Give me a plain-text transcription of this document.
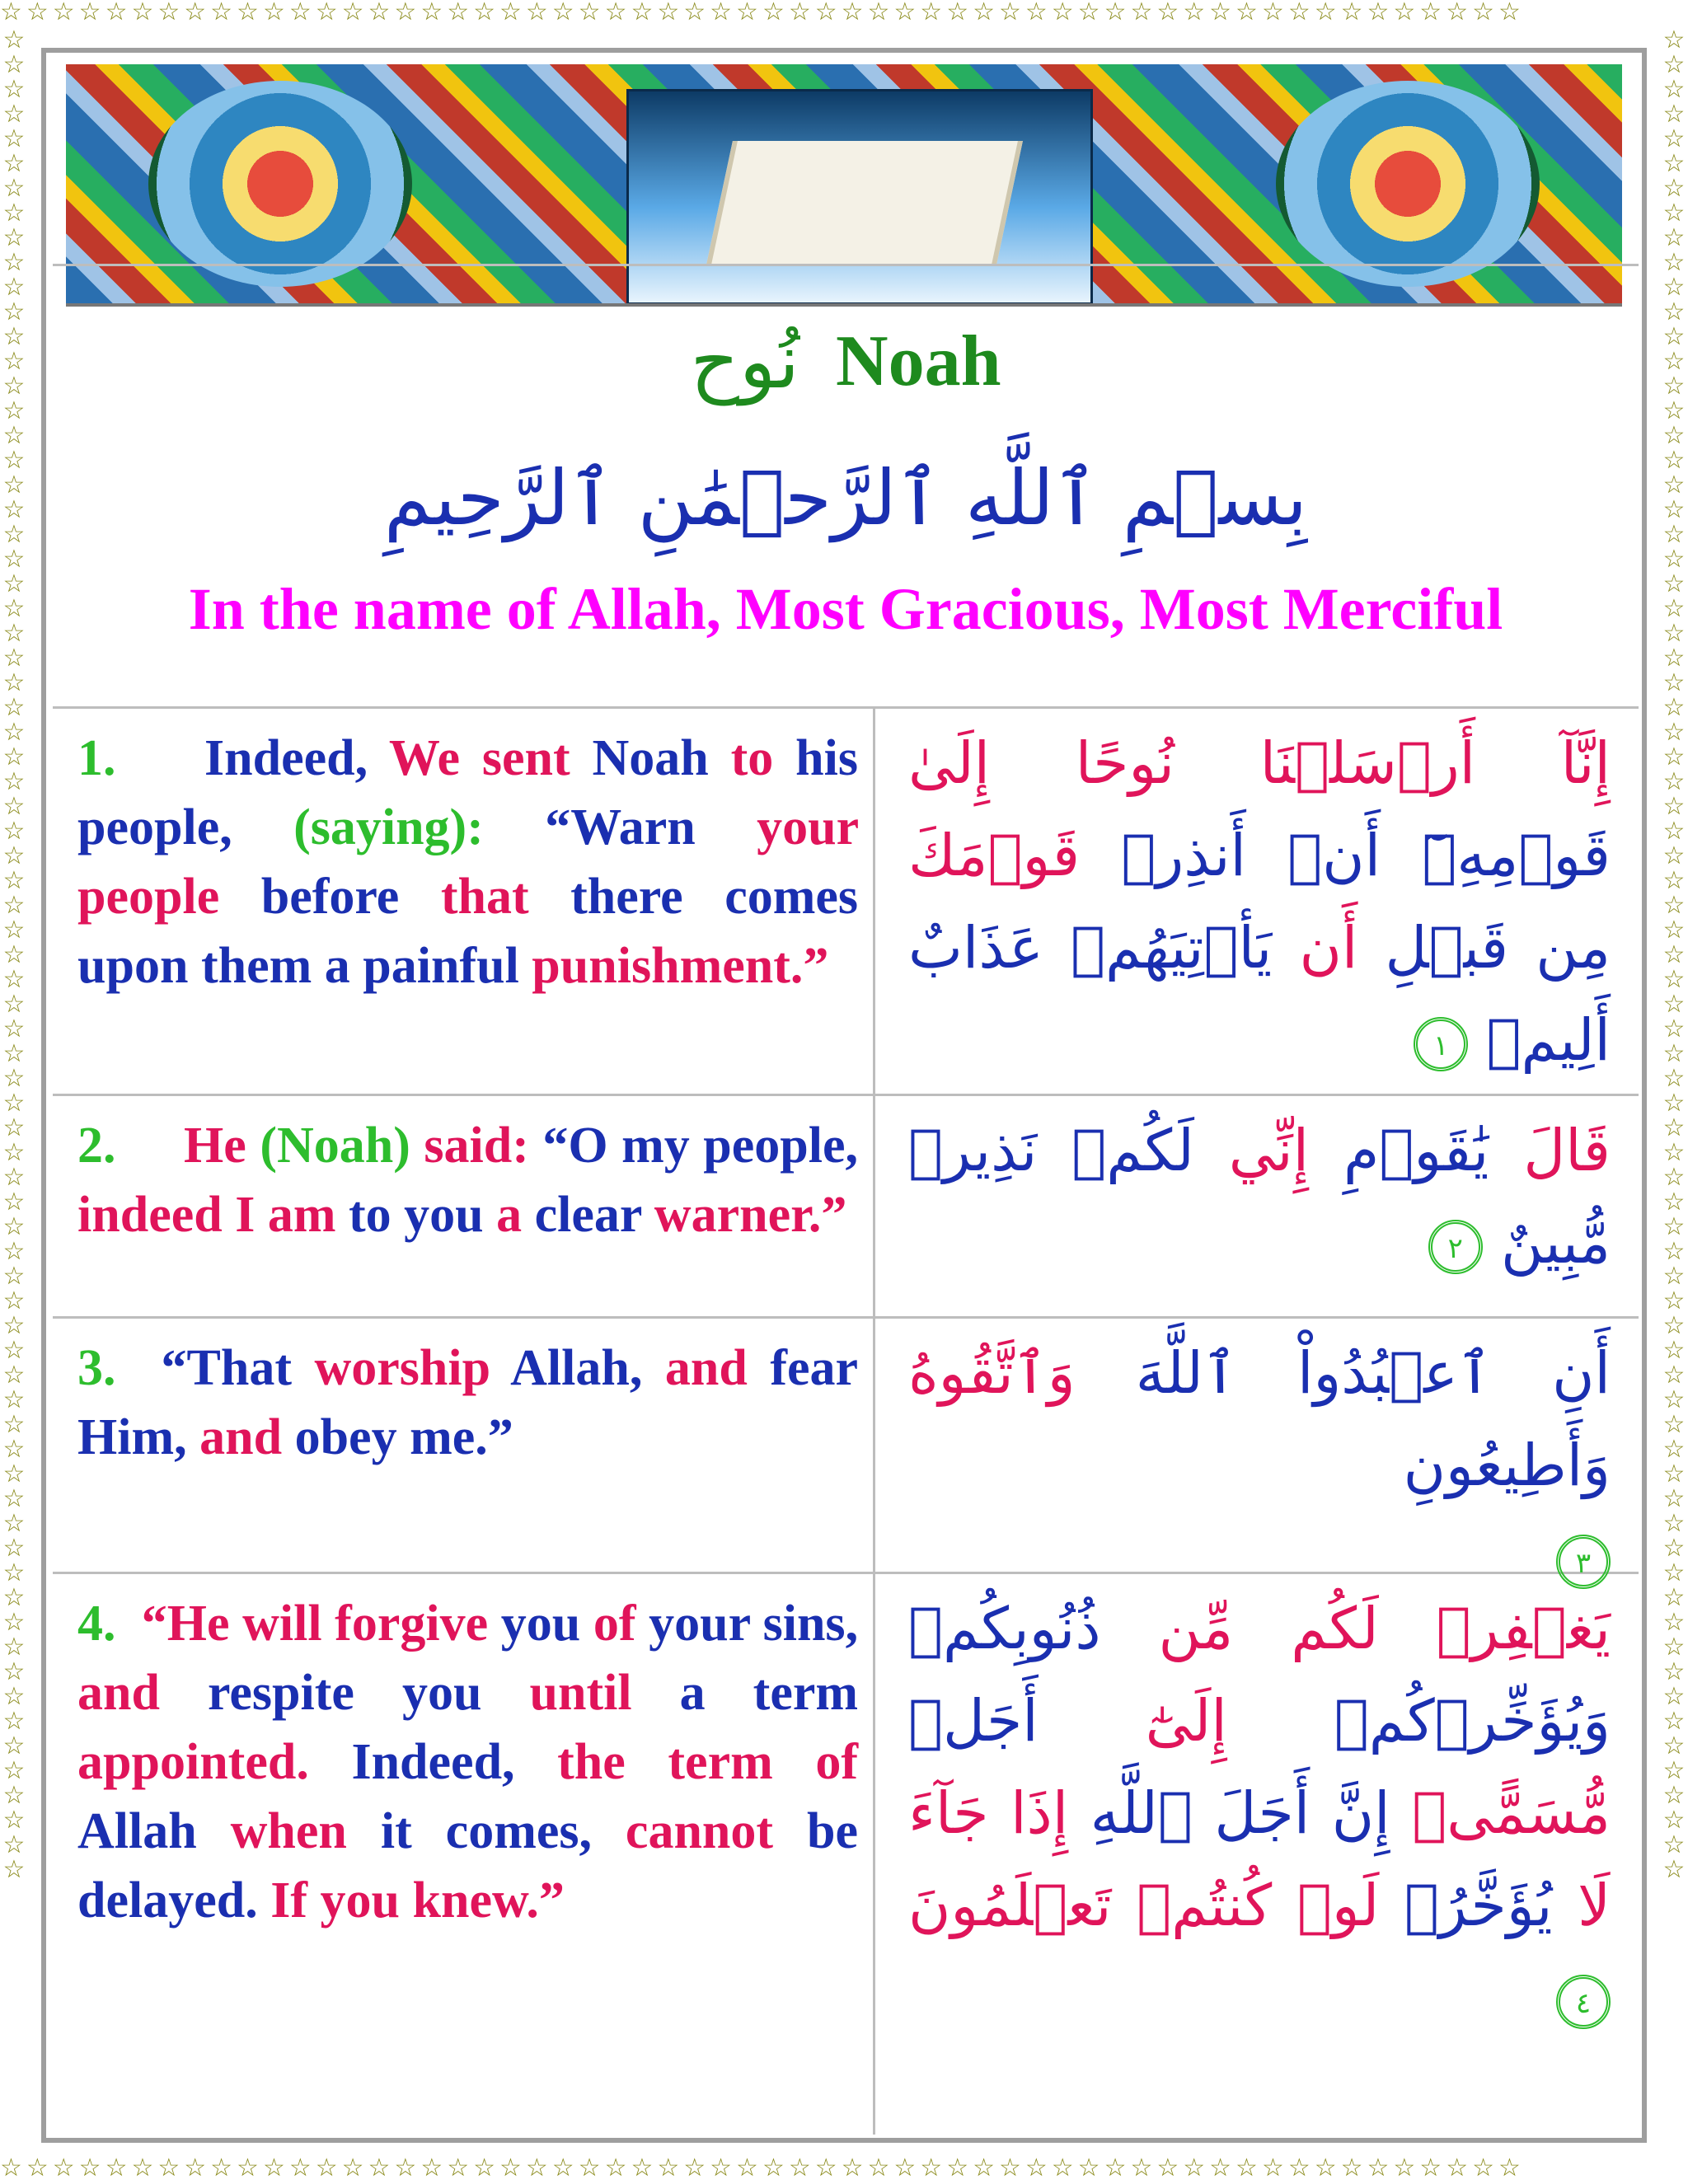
☆☆☆☆☆☆☆☆☆☆☆☆☆☆☆☆☆☆☆☆☆☆☆☆☆☆☆☆☆☆☆☆☆☆☆☆☆☆☆☆☆☆☆☆☆☆☆☆☆☆☆☆☆☆☆☆☆☆
☆☆☆☆☆☆☆☆☆☆☆☆☆☆☆☆☆☆☆☆☆☆☆☆☆☆☆☆☆☆☆☆☆☆☆☆☆☆☆☆☆☆☆☆☆☆☆☆☆☆☆☆☆☆☆☆☆☆
☆☆☆☆☆☆☆☆☆☆☆☆☆☆☆☆☆☆☆☆☆☆☆☆☆☆☆☆☆☆☆☆☆☆☆☆☆☆☆☆☆☆☆☆☆☆☆☆☆☆☆☆☆☆☆☆☆☆☆☆☆☆☆☆☆☆☆☆☆☆☆☆☆☆☆
☆☆☆☆☆☆☆☆☆☆☆☆☆☆☆☆☆☆☆☆☆☆☆☆☆☆☆☆☆☆☆☆☆☆☆☆☆☆☆☆☆☆☆☆☆☆☆☆☆☆☆☆☆☆☆☆☆☆☆☆☆☆☆☆☆☆☆☆☆☆☆☆☆☆☆
نُوح Noah
بِسۡمِ ٱللَّهِ ٱلرَّحۡمَٰنِ ٱلرَّحِيمِ
In the name of Allah, Most Gracious, Most Merciful
1. Indeed, We sent Noah to his people, (saying): “Warn your people before that there comes upon them a painful punishment.”
إِنَّآ أَرۡسَلۡنَا نُوحًا إِلَىٰ قَوۡمِهِۦٓ أَنۡ أَنذِرۡ قَوۡمَكَ مِن قَبۡلِ أَن يَأۡتِيَهُمۡ عَذَابٌ أَلِيمٞ ١
2. He (Noah) said: “O my people, indeed I am to you a clear warner.”
قَالَ يَٰقَوۡمِ إِنِّي لَكُمۡ نَذِيرٞ مُّبِينٌ ٢
3. “That worship Allah, and fear Him, and obey me.”
أَنِ ٱعۡبُدُواْ ٱللَّهَ وَٱتَّقُوهُ وَأَطِيعُونِ
٣
4. “He will forgive you of your sins, and respite you until a term appointed. Indeed, the term of Allah when it comes, cannot be delayed. If you knew.”
يَغۡفِرۡ لَكُم مِّن ذُنُوبِكُمۡ وَيُؤَخِّرۡكُمۡ إِلَىٰٓ أَجَلٖ مُّسَمًّىۚ إِنَّ أَجَلَ ٱللَّهِ إِذَا جَآءَ لَا يُؤَخَّرُۚ لَوۡ كُنتُمۡ تَعۡلَمُونَ ٤
